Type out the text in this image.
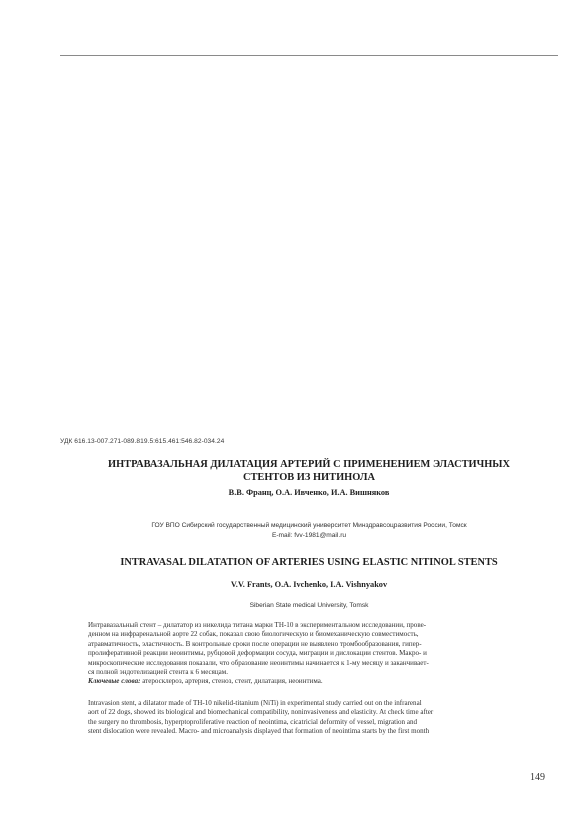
УДК 616.13-007.271-089.819.5:615.461:546.82-034.24
ИНТРАВАЗАЛЬНАЯ ДИЛАТАЦИЯ АРТЕРИЙ С ПРИМЕНЕНИЕМ ЭЛАСТИЧНЫХ
СТЕНТОВ ИЗ НИТИНОЛА
В.В. Франц, О.А. Ивченко, И.А. Вишняков
ГОУ ВПО Сибирский государственный медицинский университет Минздравсоцразвития России, Томск
E-mail: fvv-1981@mail.ru
INTRAVASAL DILATATION OF ARTERIES USING ELASTIC NITINOL STENTS
V.V. Frants, O.A. Ivchenko, I.A. Vishnyakov
Siberian State medical University, Tomsk
Интравазальный стент – дилататор из никелида титана марки ТН-10 в экспериментальном исследовании, прове-
денном на инфраренальной аорте 22 собак, показал свою биологическую и биомеханическую совместимость,
атравматичность, эластичность. В контрольные сроки после операции не выявлено тромбообразования, гипер-
пролиферативной реакции неоинтимы, рубцовой деформации сосуда, миграции и дислокации стентов. Макро- и
микроскопические исследования показали, что образование неоинтимы начинается к 1-му месяцу и заканчивает-
ся полной эндотелизацией стента к 6 месяцам.
Ключевые слова: атеросклероз, артерия, стеноз, стент, дилатация, неоинтима.
Intravasion stent, a dilatator made of TH-10 nikelid-titanium (NiTi) in experimental study carried out on the infrarenal
aort of 22 dogs, showed its biological and biomechanical compatibility, noninvasiveness and elasticity. At check time after
the surgery no thrombosis, hyperptoproliferative reaction of neointima, cicatricial deformity of vessel, migration and
stent dislocation were revealed. Macro- and microanalysis displayed that formation of neointima starts by the first month
149
